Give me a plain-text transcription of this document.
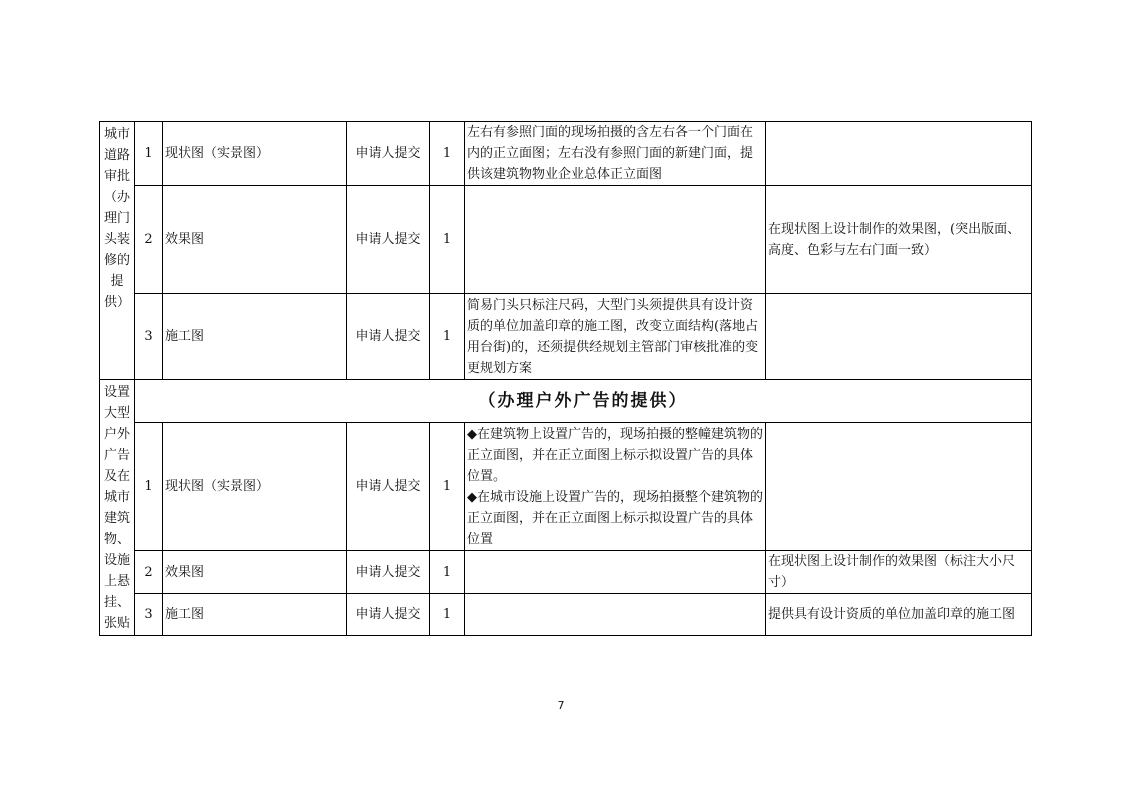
城市道路审批（办理门头装修的提供）	1	现状图（实景图）	申请人提交	1	左右有参照门面的现场拍摄的含左右各一个门面在内的正立面图；左右没有参照门面的新建门面，提供该建筑物物业企业总体正立面图	
	2	效果图	申请人提交	1		在现状图上设计制作的效果图，(突出版面、高度、色彩与左右门面一致）
	3	施工图	申请人提交	1	简易门头只标注尺码，大型门头须提供具有设计资质的单位加盖印章的施工图，改变立面结构(落地占用台街)的，还须提供经规划主管部门审核批准的变更规划方案	
设置大型户外广告及在城市建筑物、设施上悬挂、张贴	（办理户外广告的提供）					
	1	现状图（实景图）	申请人提交	1	◆在建筑物上设置广告的，现场拍摄的整幢建筑物的正立面图，并在正立面图上标示拟设置广告的具体位置。
◆在城市设施上设置广告的，现场拍摄整个建筑物的正立面图，并在正立面图上标示拟设置广告的具体位置	
	2	效果图	申请人提交	1		在现状图上设计制作的效果图（标注大小尺寸）
	3	施工图	申请人提交	1		提供具有设计资质的单位加盖印章的施工图
7
